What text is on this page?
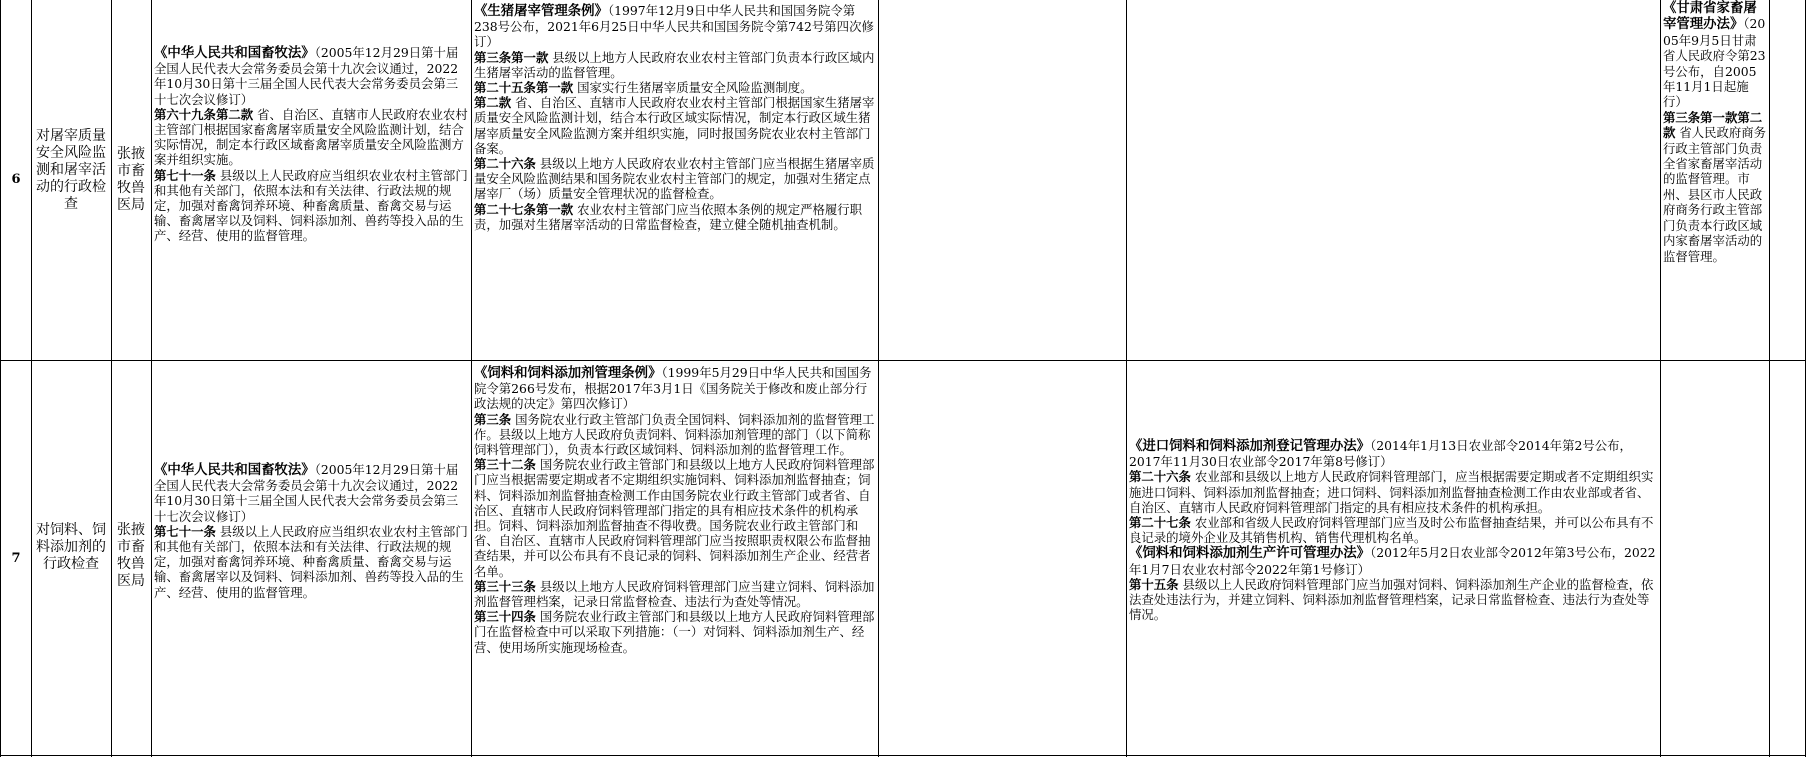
6
对屠宰质量安全风险监测和屠宰活动的行政检查
张掖市畜牧兽医局

《中华人民共和国畜牧法》（2005年12月29日第十届全国人民代表大会常务委员会第十九次会议通过，2022年10月30日第十三届全国人民代表大会常务委员会第三十七次会议修订）

第六十九条第二款 省、自治区、直辖市人民政府农业农村主管部门根据国家畜禽屠宰质量安全风险监测计划，结合实际情况，制定本行政区域畜禽屠宰质量安全风险监测方案并组织实施。

第七十一条 县级以上人民政府应当组织农业农村主管部门和其他有关部门，依照本法和有关法律、行政法规的规定，加强对畜禽饲养环境、种畜禽质量、畜禽交易与运输、畜禽屠宰以及饲料、饲料添加剂、兽药等投入品的生产、经营、使用的监督管理。

《生猪屠宰管理条例》（1997年12月9日中华人民共和国国务院令第238号公布，2021年6月25日中华人民共和国国务院令第742号第四次修订）

第三条第一款 县级以上地方人民政府农业农村主管部门负责本行政区域内生猪屠宰活动的监督管理。

第二十五条第一款 国家实行生猪屠宰质量安全风险监测制度。

第二款 省、自治区、直辖市人民政府农业农村主管部门根据国家生猪屠宰质量安全风险监测计划，结合本行政区域实际情况，制定本行政区域生猪屠宰质量安全风险监测方案并组织实施，同时报国务院农业农村主管部门备案。

第二十六条 县级以上地方人民政府农业农村主管部门应当根据生猪屠宰质量安全风险监测结果和国务院农业农村主管部门的规定，加强对生猪定点屠宰厂（场）质量安全管理状况的监督检查。

第二十七条第一款 农业农村主管部门应当依照本条例的规定严格履行职责，加强对生猪屠宰活动的日常监督检查，建立健全随机抽查机制。

《甘肃省家畜屠宰管理办法》（2005年9月5日甘肃省人民政府令第23号公布，自2005年11月1日起施行）

第三条第一款第二款 省人民政府商务行政主管部门负责全省家畜屠宰活动的监督管理。市州、县区市人民政府商务行政主管部门负责本行政区域内家畜屠宰活动的监督管理。

7
对饲料、饲料添加剂的行政检查
张掖市畜牧兽医局

《中华人民共和国畜牧法》（2005年12月29日第十届全国人民代表大会常务委员会第十九次会议通过，2022年10月30日第十三届全国人民代表大会常务委员会第三十七次会议修订）

第七十一条 县级以上人民政府应当组织农业农村主管部门和其他有关部门，依照本法和有关法律、行政法规的规定，加强对畜禽饲养环境、种畜禽质量、畜禽交易与运输、畜禽屠宰以及饲料、饲料添加剂、兽药等投入品的生产、经营、使用的监督管理。

《饲料和饲料添加剂管理条例》（1999年5月29日中华人民共和国国务院令第266号发布，根据2017年3月1日《国务院关于修改和废止部分行政法规的决定》第四次修订）

第三条 国务院农业行政主管部门负责全国饲料、饲料添加剂的监督管理工作。县级以上地方人民政府负责饲料、饲料添加剂管理的部门（以下简称饲料管理部门），负责本行政区域饲料、饲料添加剂的监督管理工作。

第三十二条 国务院农业行政主管部门和县级以上地方人民政府饲料管理部门应当根据需要定期或者不定期组织实施饲料、饲料添加剂监督抽查；饲料、饲料添加剂监督抽查检测工作由国务院农业行政主管部门或者省、自治区、直辖市人民政府饲料管理部门指定的具有相应技术条件的机构承担。饲料、饲料添加剂监督抽查不得收费。国务院农业行政主管部门和省、自治区、直辖市人民政府饲料管理部门应当按照职责权限公布监督抽查结果，并可以公布具有不良记录的饲料、饲料添加剂生产企业、经营者名单。

第三十三条 县级以上地方人民政府饲料管理部门应当建立饲料、饲料添加剂监督管理档案，记录日常监督检查、违法行为查处等情况。

第三十四条 国务院农业行政主管部门和县级以上地方人民政府饲料管理部门在监督检查中可以采取下列措施：（一）对饲料、饲料添加剂生产、经营、使用场所实施现场检查。

《进口饲料和饲料添加剂登记管理办法》（2014年1月13日农业部令2014年第2号公布，2017年11月30日农业部令2017年第8号修订）

第二十六条 农业部和县级以上地方人民政府饲料管理部门，应当根据需要定期或者不定期组织实施进口饲料、饲料添加剂监督抽查；进口饲料、饲料添加剂监督抽查检测工作由农业部或者省、自治区、直辖市人民政府饲料管理部门指定的具有相应技术条件的机构承担。

第二十七条 农业部和省级人民政府饲料管理部门应当及时公布监督抽查结果，并可以公布具有不良记录的境外企业及其销售机构、销售代理机构名单。

《饲料和饲料添加剂生产许可管理办法》（2012年5月2日农业部令2012年第3号公布，2022年1月7日农业农村部令2022年第1号修订）

第十五条 县级以上人民政府饲料管理部门应当加强对饲料、饲料添加剂生产企业的监督检查，依法查处违法行为，并建立饲料、饲料添加剂监督管理档案，记录日常监督检查、违法行为查处等情况。
